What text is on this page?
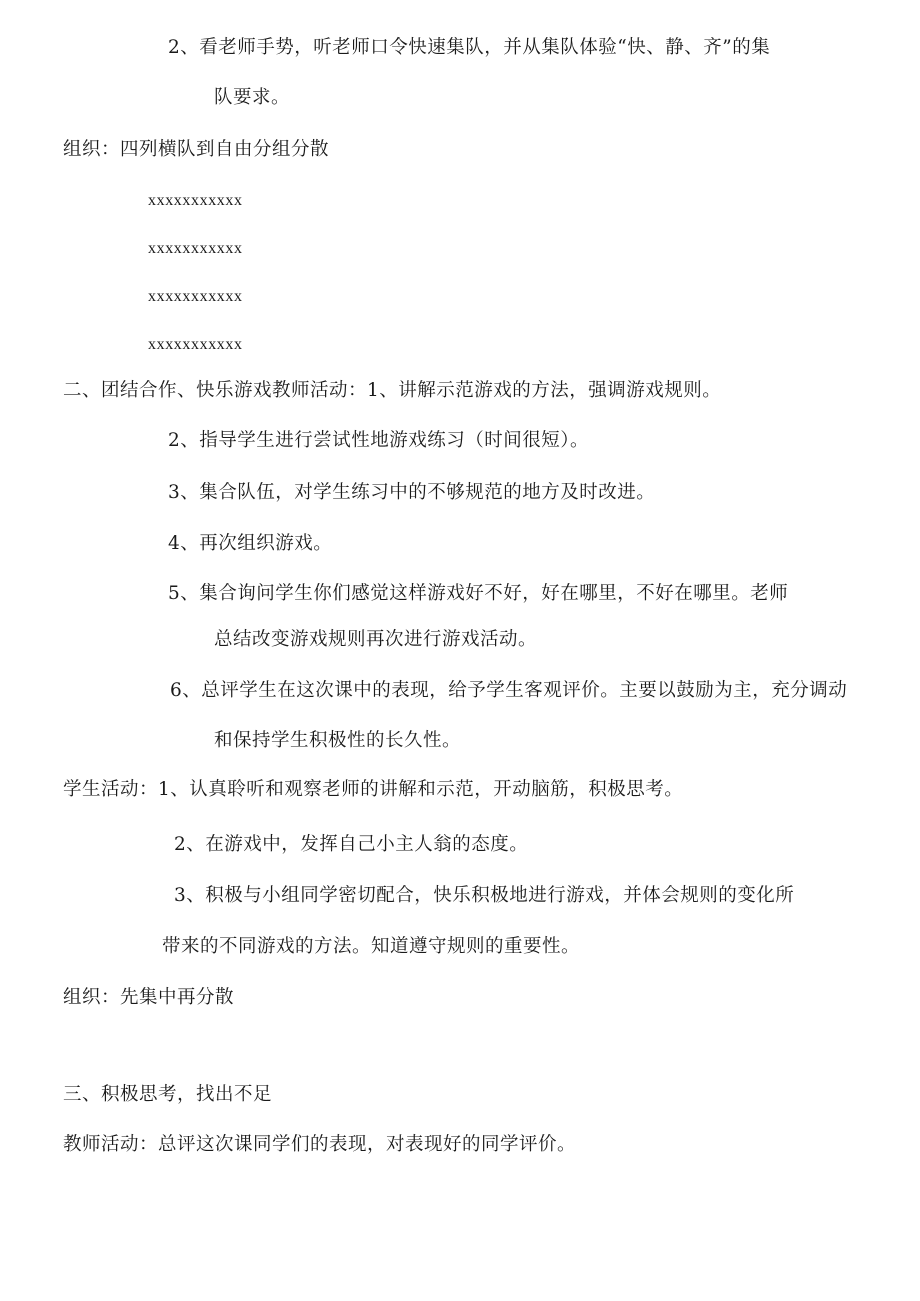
2、看老师手势，听老师口令快速集队，并从集队体验“快、静、齐”的集
队要求。
组织：四列横队到自由分组分散
xxxxxxxxxxx
xxxxxxxxxxx
xxxxxxxxxxx
xxxxxxxxxxx
二、团结合作、快乐游戏教师活动：1、讲解示范游戏的方法，强调游戏规则。
2、指导学生进行尝试性地游戏练习（时间很短）。
3、集合队伍，对学生练习中的不够规范的地方及时改进。
4、再次组织游戏。
5、集合询问学生你们感觉这样游戏好不好，好在哪里，不好在哪里。老师
总结改变游戏规则再次进行游戏活动。
6、总评学生在这次课中的表现，给予学生客观评价。主要以鼓励为主，充分调动
和保持学生积极性的长久性。
学生活动：1、认真聆听和观察老师的讲解和示范，开动脑筋，积极思考。
2、在游戏中，发挥自己小主人翁的态度。
3、积极与小组同学密切配合，快乐积极地进行游戏，并体会规则的变化所
带来的不同游戏的方法。知道遵守规则的重要性。
组织：先集中再分散
三、积极思考，找出不足
教师活动：总评这次课同学们的表现，对表现好的同学评价。
